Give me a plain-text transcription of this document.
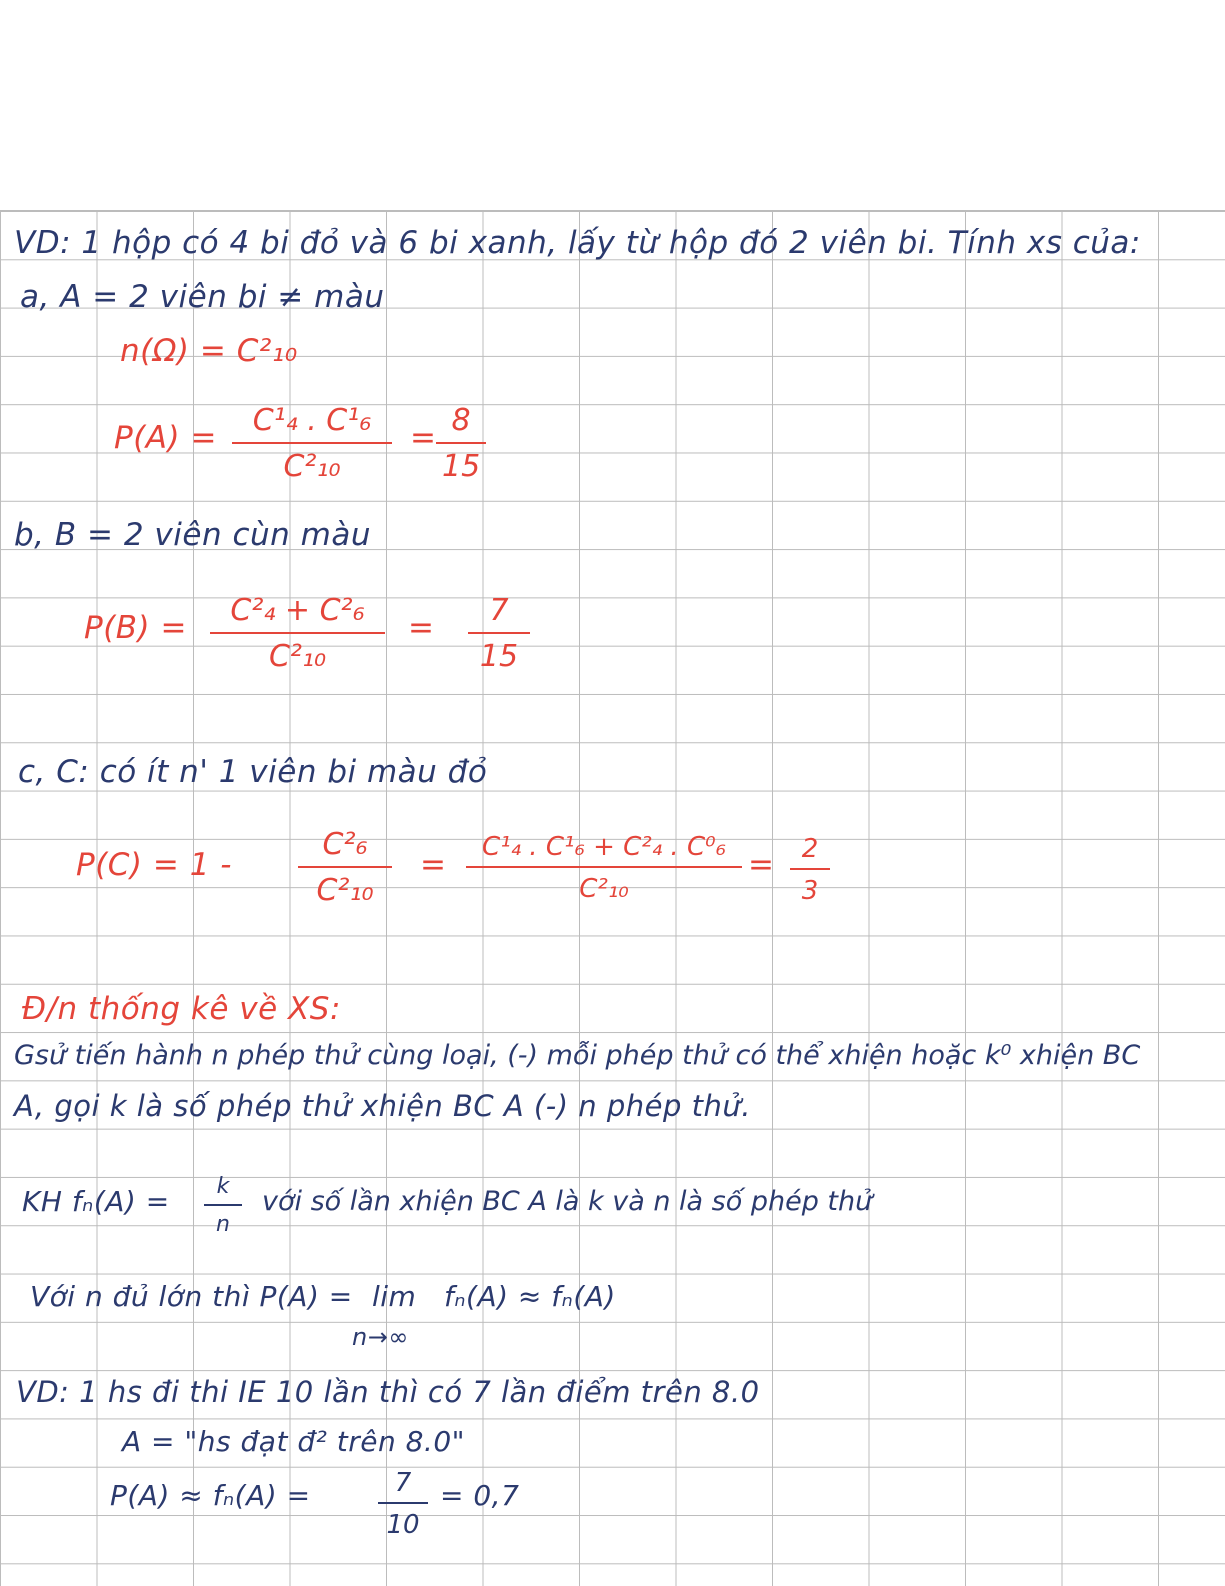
VD: 1 hộp có 4 bi đỏ và 6 bi xanh, lấy từ hộp đó 2 viên bi. Tính xs của:
a, A = 2 viên bi ≠ màu
n(Ω) = C²₁₀
P(A) =	C¹₄ . C¹₆
C²₁₀
= 8
15
b, B = 2 viên cùn màu
P(B) =	C²₄ + C²₆
C²₁₀
=	7
15
c, C: có ít n' 1 viên bi màu đỏ
P(C) = 1 -
C²₆
C²₁₀
=	C¹₄ . C¹₆ + C²₄ . C⁰₆
C²₁₀
=	2
3
Đ/n thống kê về XS:
Gsử tiến hành n phép thử cùng loại, (-) mỗi phép thử có thể xhiện hoặc k⁰ xhiện BC
A, gọi k là số phép thử xhiện BC A (-) n phép thử.
KH fₙ(A) =	k
n
với số lần xhiện BC A là k và n là số phép thử
Với n đủ lớn thì P(A) = lim
n→∞
fₙ(A) ≈ fₙ(A)
VD: 1 hs đi thi IE 10 lần thì có 7 lần điểm trên 8.0
A = "hs đạt đ² trên 8.0"
P(A) ≈ fₙ(A) =	7
10
= 0,7
